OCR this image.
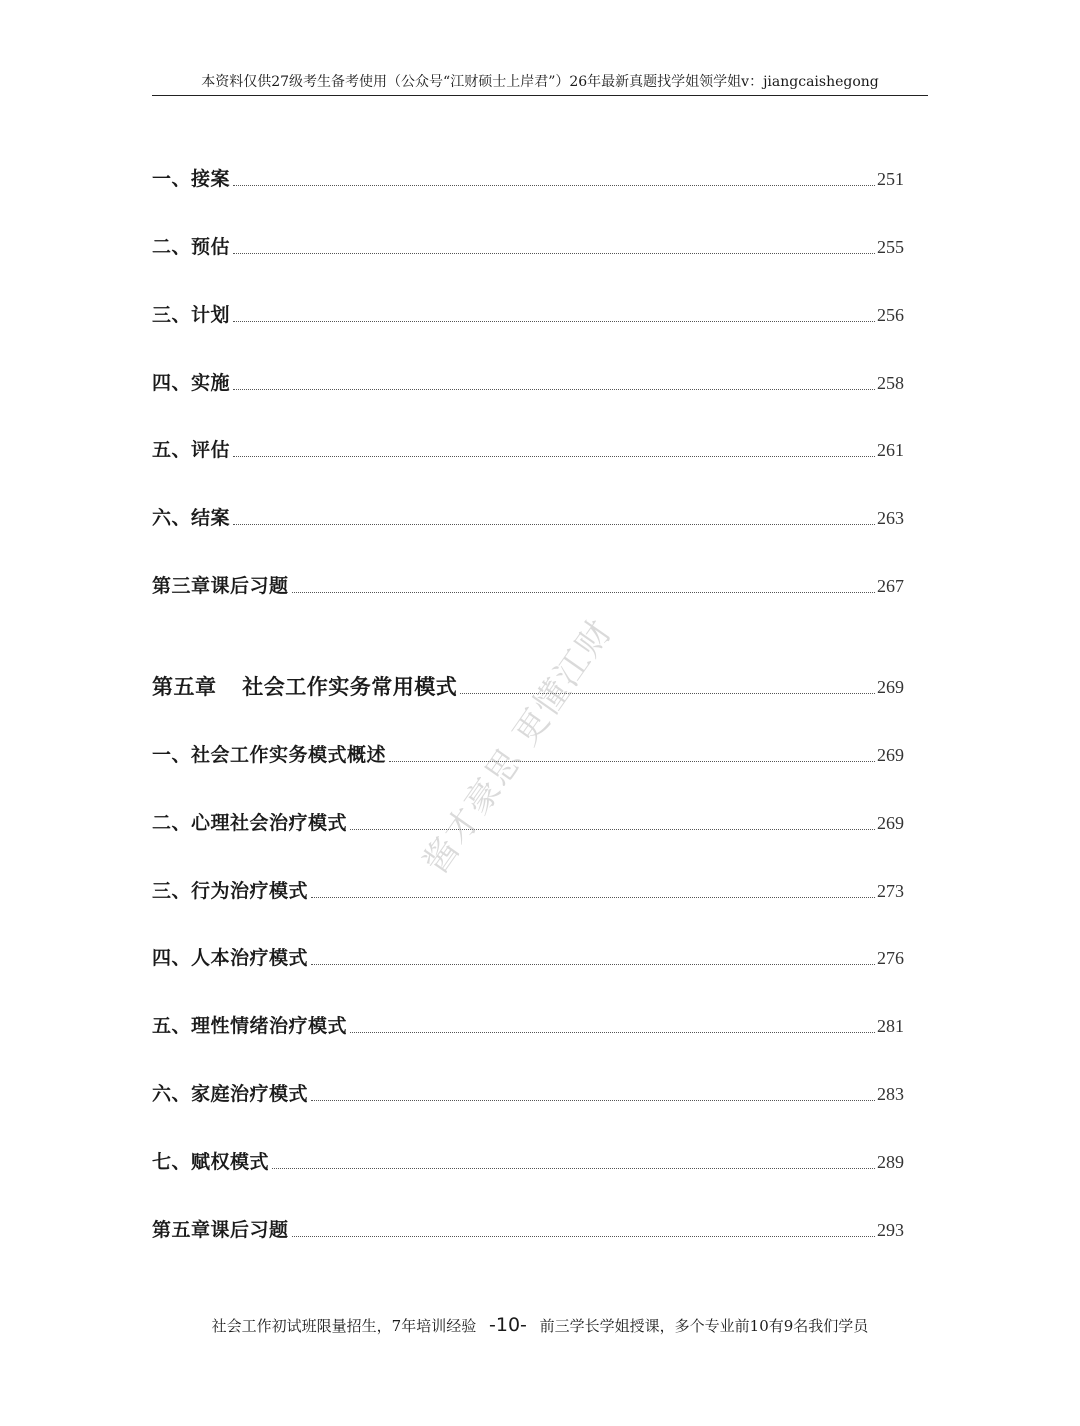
本资料仅供27级考生备考使用（公众号“江财硕士上岸君”）26年最新真题找学姐领学姐v：jiangcaishegong
一、接案	251
二、预估	255
三、计划	256
四、实施	258
五、评估	261
六、结案	263
第三章课后习题	267
第五章 社会工作实务常用模式	269
一、社会工作实务模式概述	269
二、心理社会治疗模式	269
三、行为治疗模式	273
四、人本治疗模式	276
五、理性情绪治疗模式	281
六、家庭治疗模式	283
七、赋权模式	289
第五章课后习题	293
酱才豪思 更懂江财
社会工作初试班限量招生，7年培训经验 -10- 前三学长学姐授课，多个专业前10有9名我们学员
